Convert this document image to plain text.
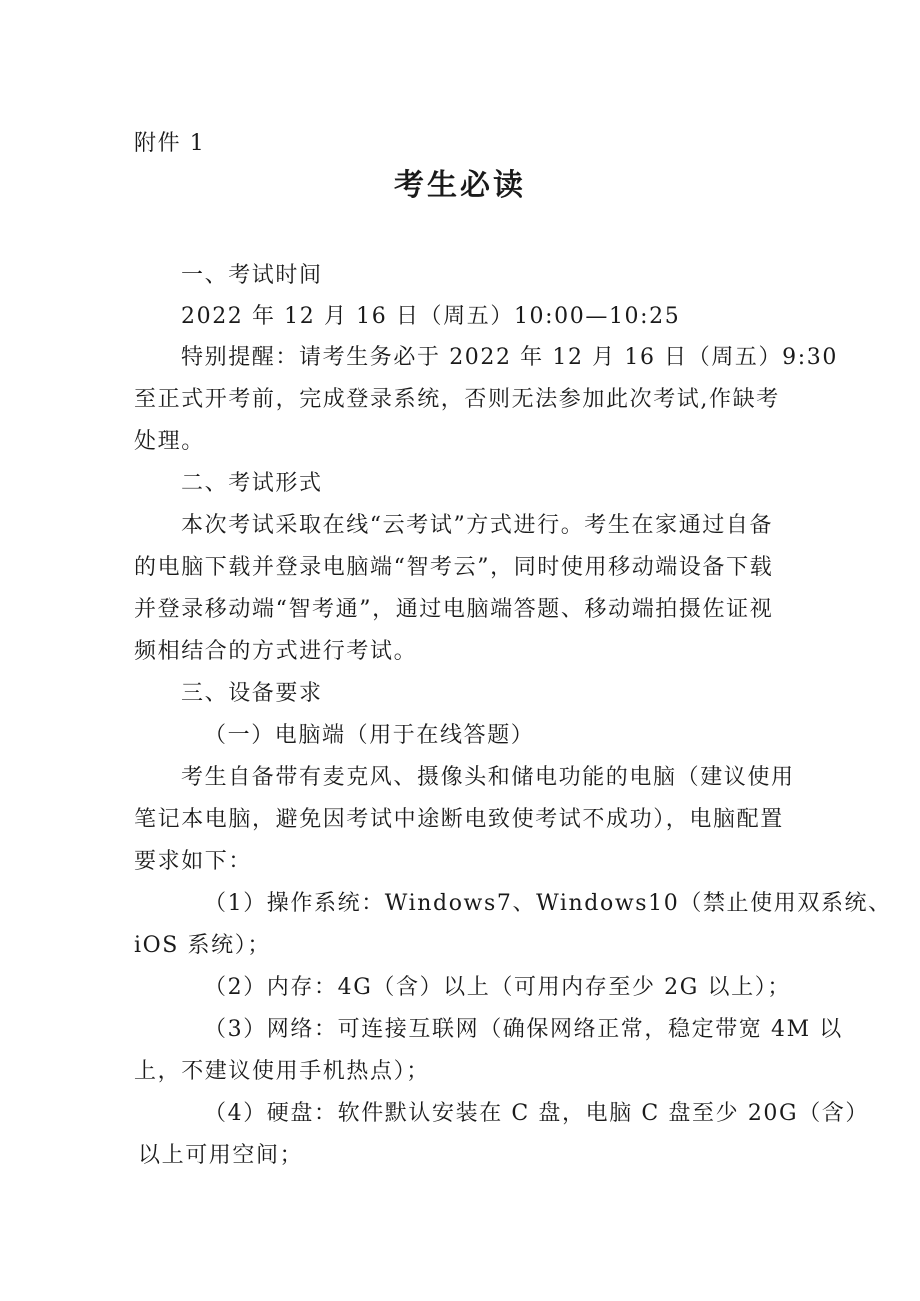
附件 1
考生必读
一、考试时间
2022 年 12 月 16 日（周五）10:00—10:25
特别提醒：请考生务必于 2022 年 12 月 16 日（周五）9:30
至正式开考前，完成登录系统，否则无法参加此次考试,作缺考
处理。
二、考试形式
本次考试采取在线“云考试”方式进行。考生在家通过自备
的电脑下载并登录电脑端“智考云”，同时使用移动端设备下载
并登录移动端“智考通”，通过电脑端答题、移动端拍摄佐证视
频相结合的方式进行考试。
三、设备要求
（一）电脑端（用于在线答题）
考生自备带有麦克风、摄像头和储电功能的电脑（建议使用
笔记本电脑，避免因考试中途断电致使考试不成功），电脑配置
要求如下：
（1）操作系统：Windows7、Windows10（禁止使用双系统、
iOS 系统）；
（2）内存：4G（含）以上（可用内存至少 2G 以上）；
（3）网络：可连接互联网（确保网络正常，稳定带宽 4M 以
上，不建议使用手机热点）；
（4）硬盘：软件默认安装在 C 盘，电脑 C 盘至少 20G（含）
以上可用空间；
